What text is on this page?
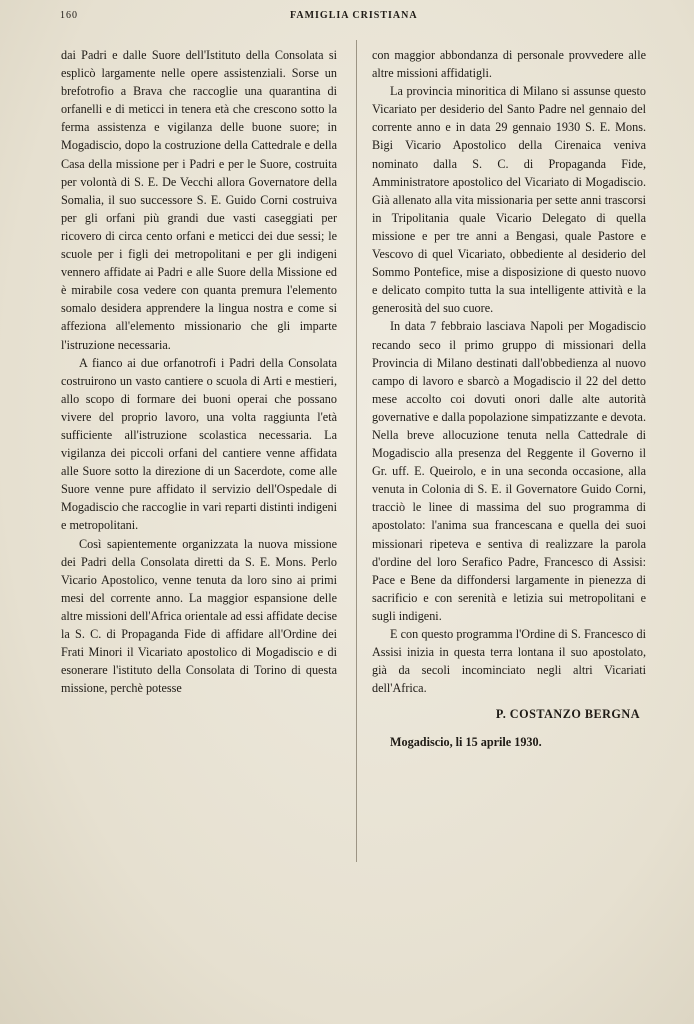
160	FAMIGLIA CRISTIANA

dai Padri e dalle Suore dell'Istituto della Consolata si esplicò largamente nelle opere assistenziali. Sorse un brefotrofio a Brava che raccoglie una quarantina di orfanelli e di meticci in tenera età che crescono sotto la ferma assistenza e vigilanza delle buone suore; in Mogadiscio, dopo la costruzione della Cattedrale e della Casa della missione per i Padri e per le Suore, costruita per volontà di S. E. De Vecchi allora Governatore della Somalia, il suo successore S. E. Guido Corni costruiva per gli orfani più grandi due vasti caseggiati per ricovero di circa cento orfani e meticci dei due sessi; le scuole per i figli dei metropolitani e per gli indigeni vennero affidate ai Padri e alle Suore della Missione ed è mirabile cosa vedere con quanta premura l'elemento somalo desidera apprendere la lingua nostra e come si affeziona all'elemento missionario che gli imparte l'istruzione necessaria.

A fianco ai due orfanotrofi i Padri della Consolata costruirono un vasto cantiere o scuola di Arti e mestieri, allo scopo di formare dei buoni operai che possano vivere del proprio lavoro, una volta raggiunta l'età sufficiente all'istruzione scolastica necessaria. La vigilanza dei piccoli orfani del cantiere venne affidata alle Suore sotto la direzione di un Sacerdote, come alle Suore venne pure affidato il servizio dell'Ospedale di Mogadiscio che raccoglie in vari reparti distinti indigeni e metropolitani.

Così sapientemente organizzata la nuova missione dei Padri della Consolata diretti da S. E. Mons. Perlo Vicario Apostolico, venne tenuta da loro sino ai primi mesi del corrente anno. La maggior espansione delle altre missioni dell'Africa orientale ad essi affidate decise la S. C. di Propaganda Fide di affidare all'Ordine dei Frati Minori il Vicariato apostolico di Mogadiscio e di esonerare l'istituto della Consolata di Torino di questa missione, perchè potesse

con maggior abbondanza di personale provvedere alle altre missioni affidatigli.

La provincia minoritica di Milano si assunse questo Vicariato per desiderio del Santo Padre nel gennaio del corrente anno e in data 29 gennaio 1930 S. E. Mons. Bigi Vicario Apostolico della Cirenaica veniva nominato dalla S. C. di Propaganda Fide, Amministratore apostolico del Vicariato di Mogadiscio. Già allenato alla vita missionaria per sette anni trascorsi in Tripolitania quale Vicario Delegato di quella missione e per tre anni a Bengasi, quale Pastore e Vescovo di quel Vicariato, obbediente al desiderio del Sommo Pontefice, mise a disposizione di questo nuovo e delicato compito tutta la sua intelligente attività e la generosità del suo cuore.

In data 7 febbraio lasciava Napoli per Mogadiscio recando seco il primo gruppo di missionari della Provincia di Milano destinati dall'obbedienza al nuovo campo di lavoro e sbarcò a Mogadiscio il 22 del detto mese accolto coi dovuti onori dalle alte autorità governative e dalla popolazione simpatizzante e devota. Nella breve allocuzione tenuta nella Cattedrale di Mogadiscio alla presenza del Reggente il Governo il Gr. uff. E. Queirolo, e in una seconda occasione, alla venuta in Colonia di S. E. il Governatore Guido Corni, tracciò le linee di massima del suo programma di apostolato: l'anima sua francescana e quella dei suoi missionari ripeteva e sentiva di realizzare la parola d'ordine del loro Serafico Padre, Francesco di Assisi: Pace e Bene da diffondersi largamente in pienezza di sacrificio e con serenità e letizia sui metropolitani e sugli indigeni.

E con questo programma l'Ordine di S. Francesco di Assisi inizia in questa terra lontana il suo apostolato, già da secoli incominciato negli altri Vicariati dell'Africa.

P. COSTANZO BERGNA
Mogadiscio, li 15 aprile 1930.
